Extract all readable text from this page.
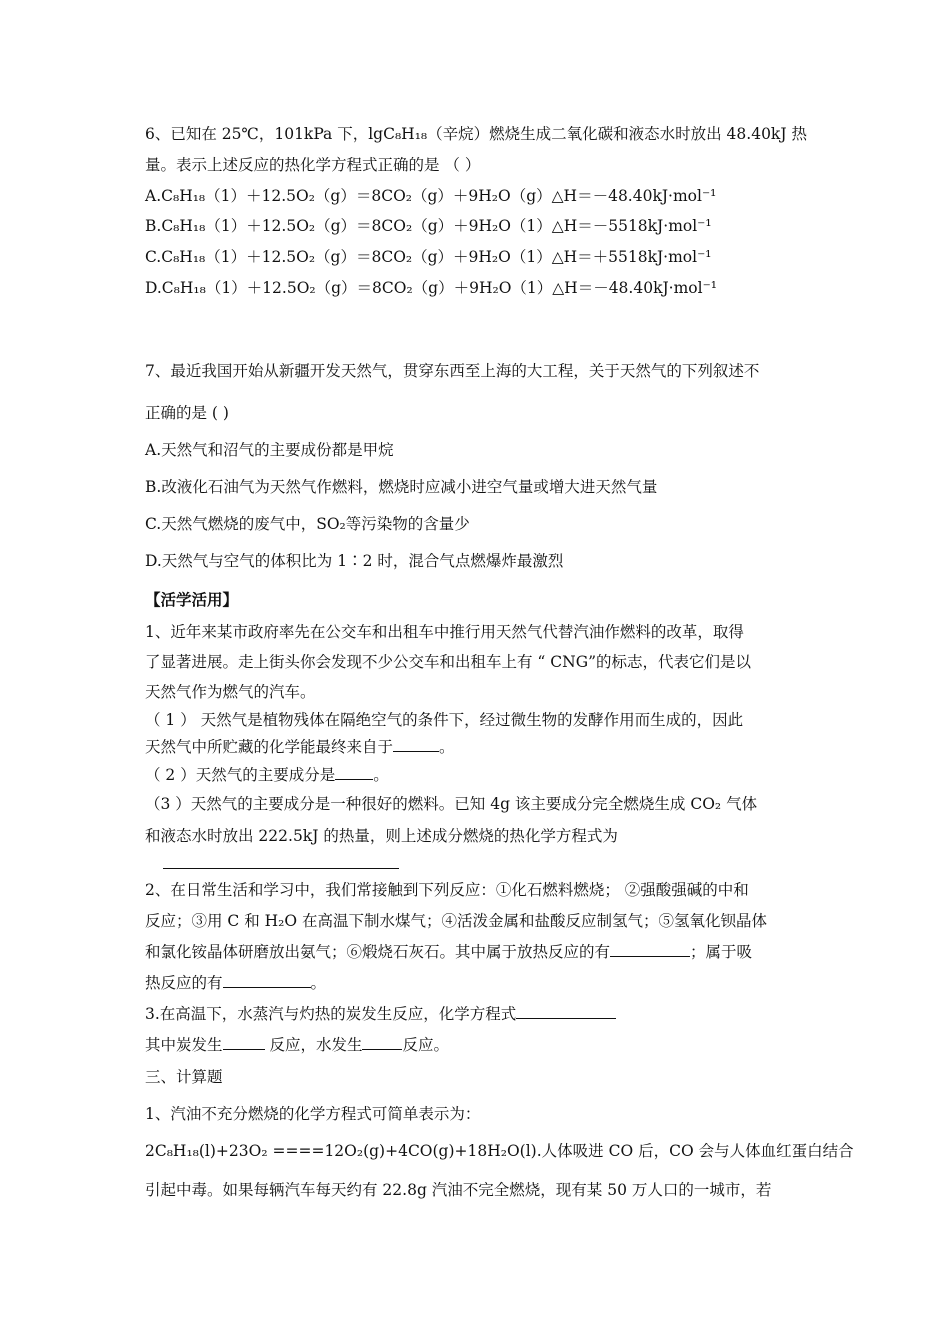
6、已知在 25℃，101kPa 下，lgC₈H₁₈（辛烷）燃烧生成二氧化碳和液态水时放出 48.40kJ 热
量。表示上述反应的热化学方程式正确的是 （ ）
A.C₈H₁₈（1）＋12.5O₂（g）＝8CO₂（g）＋9H₂O（g）△H＝－48.40kJ·mol⁻¹
B.C₈H₁₈（1）＋12.5O₂（g）＝8CO₂（g）＋9H₂O（1）△H＝－5518kJ·mol⁻¹
C.C₈H₁₈（1）＋12.5O₂（g）＝8CO₂（g）＋9H₂O（1）△H＝＋5518kJ·mol⁻¹
D.C₈H₁₈（1）＋12.5O₂（g）＝8CO₂（g）＋9H₂O（1）△H＝－48.40kJ·mol⁻¹
7、最近我国开始从新疆开发天然气，贯穿东西至上海的大工程，关于天然气的下列叙述不
正确的是 ( )
A.天然气和沼气的主要成份都是甲烷
B.改液化石油气为天然气作燃料，燃烧时应减小进空气量或增大进天然气量
C.天然气燃烧的废气中，SO₂等污染物的含量少
D.天然气与空气的体积比为 1∶2 时，混合气点燃爆炸最激烈
【活学活用】
1、近年来某市政府率先在公交车和出租车中推行用天然气代替汽油作燃料的改革，取得
了显著进展。走上街头你会发现不少公交车和出租车上有 “ CNG”的标志，代表它们是以
天然气作为燃气的汽车。
（ 1 ） 天然气是植物残体在隔绝空气的条件下，经过微生物的发酵作用而生成的，因此
天然气中所贮藏的化学能最终来自于	。
（ 2 ）天然气的主要成分是 。
（3 ）天然气的主要成分是一种很好的燃料。已知 4g 该主要成分完全燃烧生成 CO₂ 气体
和液态水时放出 222.5kJ 的热量，则上述成分燃烧的热化学方程式为
2、在日常生活和学习中，我们常接触到下列反应：①化石燃料燃烧； ②强酸强碱的中和
反应；③用 C 和 H₂O 在高温下制水煤气；④活泼金属和盐酸反应制氢气；⑤氢氧化钡晶体
和氯化铵晶体研磨放出氨气；⑥煅烧石灰石。其中属于放热反应的有	；属于吸
热反应的有	。
3.在高温下，水蒸汽与灼热的炭发生反应，化学方程式
其中炭发生	反应，水发生	反应。
三、计算题
1、汽油不充分燃烧的化学方程式可简单表示为：
2C₈H₁₈(l)+23O₂ ====12O₂(g)+4CO(g)+18H₂O(l).人体吸进 CO 后，CO 会与人体血红蛋白结合
引起中毒。如果每辆汽车每天约有 22.8g 汽油不完全燃烧，现有某 50 万人口的一城市，若
